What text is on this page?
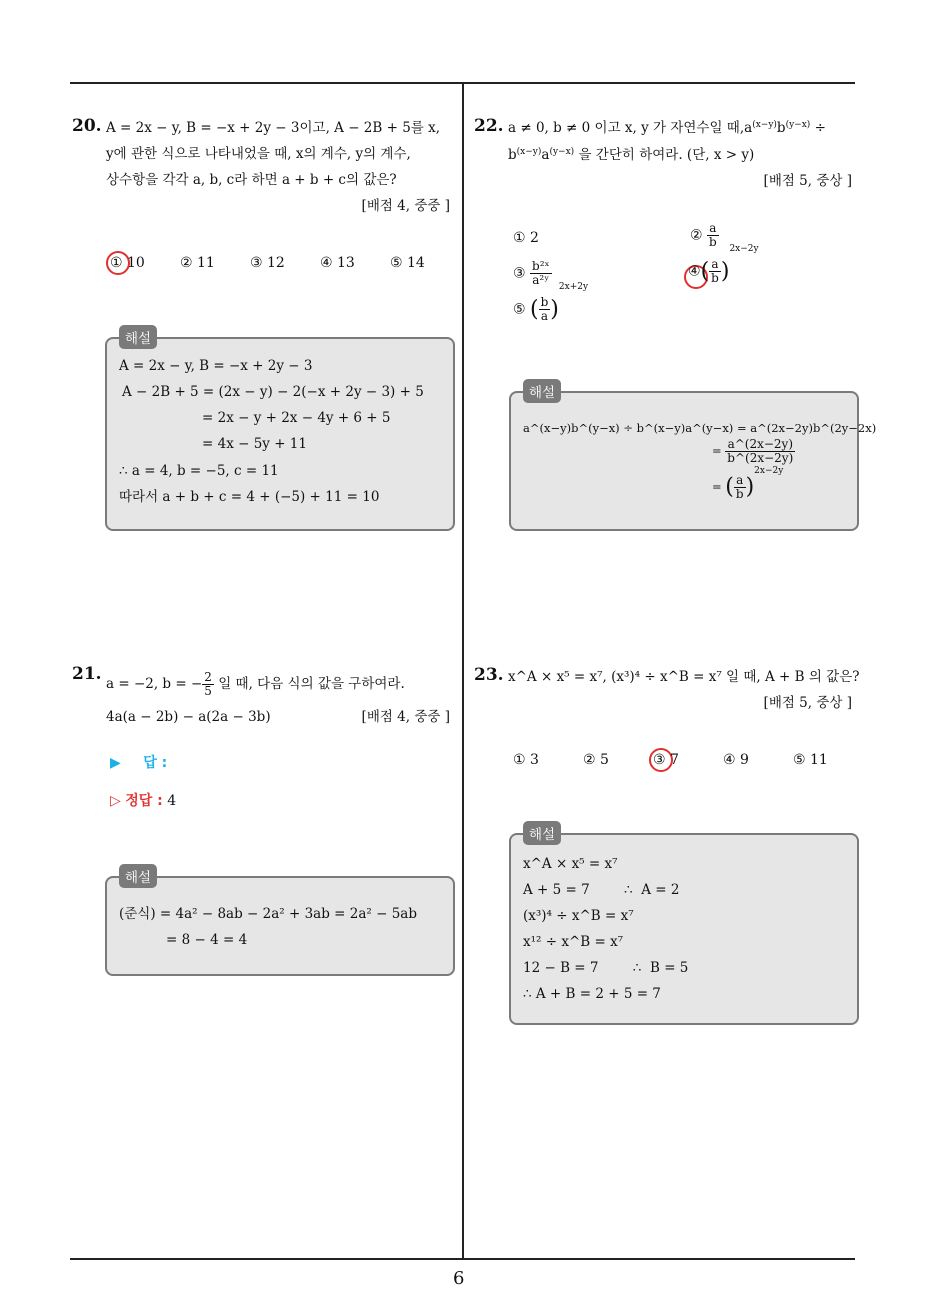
6
20. A = 2x − y, B = −x + 2y − 3이고, A − 2B + 5를 x,
y에 관한 식으로 나타내었을 때, x의 계수, y의 계수,
상수항을 각각 a, b, c라 하면 a + b + c의 값은?
[배점 4, 중중 ]
① 10	② 11	③ 12	④ 13	⑤ 14
해설
A = 2x − y, B = −x + 2y − 3
A − 2B + 5 = (2x − y) − 2(−x + 2y − 3) + 5
= 2x − y + 2x − 4y + 6 + 5
= 4x − 5y + 11
∴ a = 4, b = −5, c = 11
따라서 a + b + c = 4 + (−5) + 11 = 10
21. a = −2, b = − $\frac{2}{5}$ 일 때, 다음 식의 값을 구하여라.
4a(a − 2b) − a(2a − 3b)	[배점 4, 중중 ]
▶ 답 :
▷ 정답 : 4
해설
(준식) = 4a² − 8ab − 2a² + 3ab = 2a² − 5ab
= 8 − 4 = 4
22. a ≠ 0, b ≠ 0 이고 x, y 가 자연수일 때$,a^{(x-y)}b^{(y-x)}$ ÷
$b^{(x-y)}a^{(y-x)}$ 을 간단히 하여라. (단, x > y)
[배점 5, 중상 ]
① 2	② $\frac{a}{b}$
③ $\frac{\text{b²ˣ}}{\text{a²ʸ}}$	④( $\frac{a}{b} )^{2x-2y}$
⑤ ( $\frac{b}{a} )^{2x+2y}$
해설
a^(x−y)b^(y−x) ÷ b^(x−y)a^(y−x) = a^(2x−2y)b^(2y−2x)
= $\frac{a\^{}(2x-2y)}{b\^{}(2x-2y)}$
= ( $\frac{a}{b} )^{2x-2y}$
23. x^A × x⁵ = x⁷, (x³)⁴ ÷ x^B = x⁷ 일 때, A + B 의 값은?
[배점 5, 중상 ]
① 3	② 5	③ 7	④ 9	⑤ 11
해설
x^A × x⁵ = x⁷
A + 5 = 7        ∴  A = 2
(x³)⁴ ÷ x^B = x⁷
x¹² ÷ x^B = x⁷
12 − B = 7        ∴  B = 5
∴ A + B = 2 + 5 = 7
